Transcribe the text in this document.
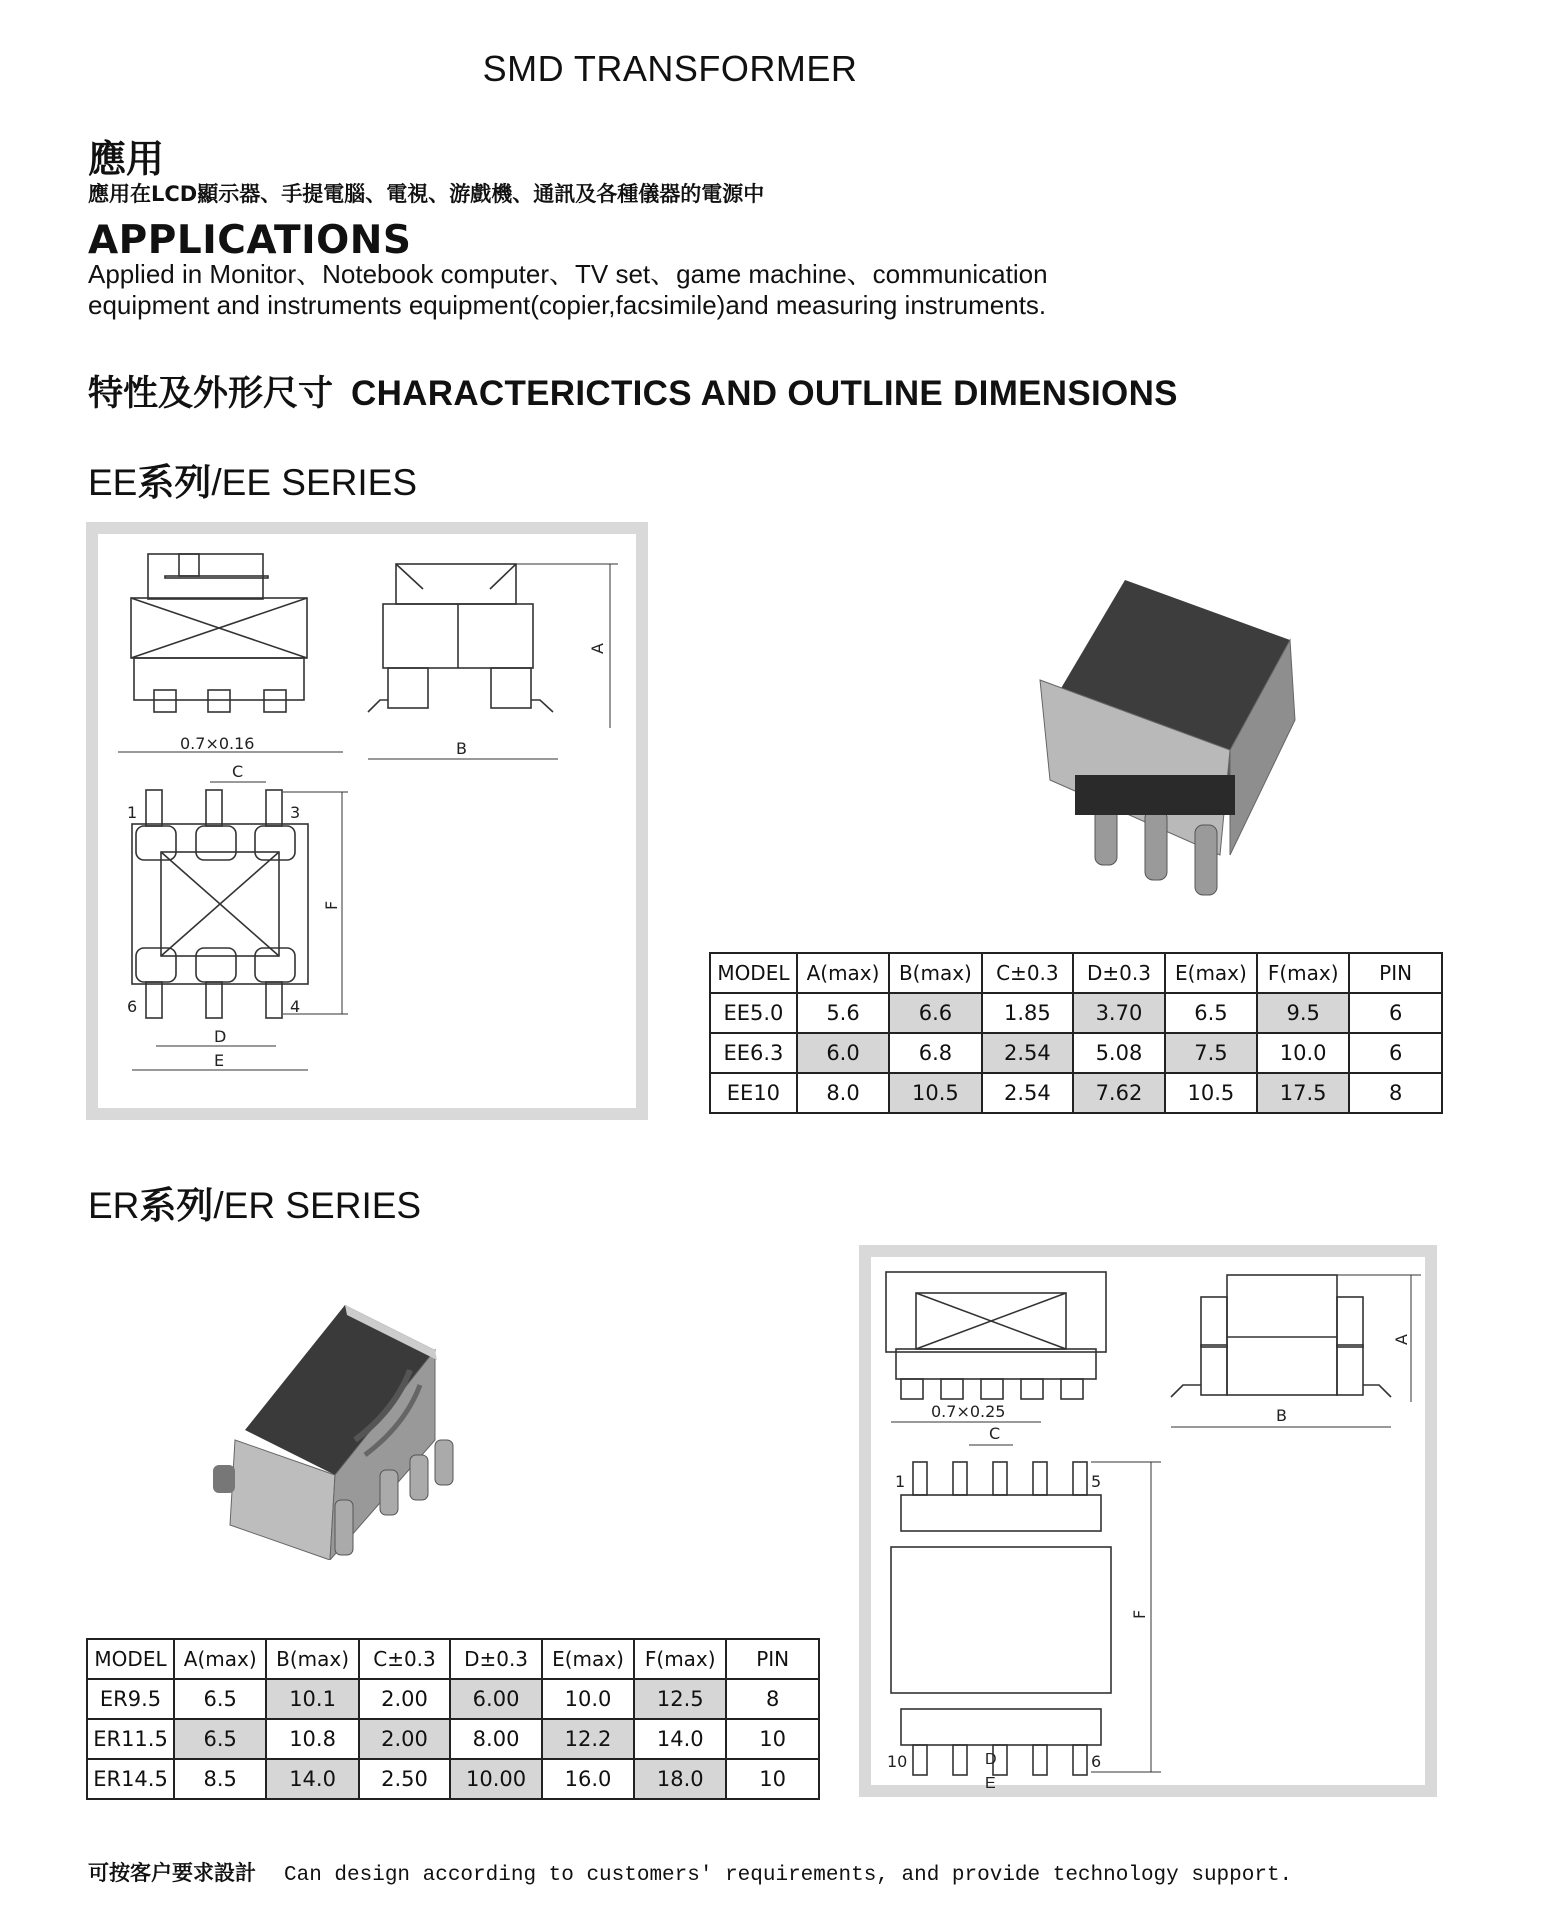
SMD TRANSFORMER
應用
應用在LCD顯示器、手提電腦、電視、游戲機、通訊及各種儀器的電源中
APPLICATIONS
Applied in Monitor、Notebook computer、TV set、game machine、communication
equipment and instruments equipment(copier,facsimile)and measuring instruments.
特性及外形尺寸 CHARACTERICTICS AND OUTLINE DIMENSIONS
EE系列/EE SERIES
0.7×0.16
C
A
B
1	3
6	4
F
D
E
MODEL	A(max)	B(max)	C±0.3	D±0.3	E(max)	F(max)	PIN
EE5.0	5.6	6.6	1.85	3.70	6.5	9.5	6
EE6.3	6.0	6.8	2.54	5.08	7.5	10.0	6
EE10	8.0	10.5	2.54	7.62	10.5	17.5	8
ER系列/ER SERIES
0.7×0.25
C
A
B
1	5
10	6
F
D
E
MODEL	A(max)	B(max)	C±0.3	D±0.3	E(max)	F(max)	PIN
ER9.5	6.5	10.1	2.00	6.00	10.0	12.5	8
ER11.5	6.5	10.8	2.00	8.00	12.2	14.0	10
ER14.5	8.5	14.0	2.50	10.00	16.0	18.0	10
可按客户要求設計 Can design according to customers' requirements, and provide technology support.
